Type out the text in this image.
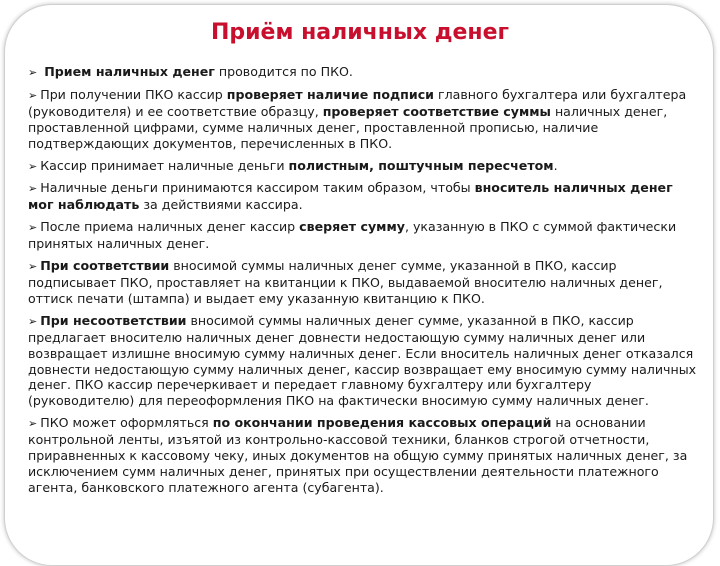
Приём наличных денег
➢ Прием наличных денег проводится по ПКО.
➢ При получении ПКО кассир проверяет наличие подписи главного бухгалтера или бухгалтера (руководителя) и ее соответствие образцу, проверяет соответствие суммы наличных денег, проставленной цифрами, сумме наличных денег, проставленной прописью, наличие подтверждающих документов, перечисленных в ПКО.
➢ Кассир принимает наличные деньги полистным, поштучным пересчетом.
➢ Наличные деньги принимаются кассиром таким образом, чтобы вноситель наличных денег мог наблюдать за действиями кассира.
➢ После приема наличных денег кассир сверяет сумму, указанную в ПКО с суммой фактически принятых наличных денег.
➢ При соответствии вносимой суммы наличных денег сумме, указанной в ПКО, кассир подписывает ПКО, проставляет на квитанции к ПКО, выдаваемой вносителю наличных денег, оттиск печати (штампа) и выдает ему указанную квитанцию к ПКО.
➢ При несоответствии вносимой суммы наличных денег сумме, указанной в ПКО, кассир предлагает вносителю наличных денег довнести недостающую сумму наличных денег или возвращает излишне вносимую сумму наличных денег. Если вноситель наличных денег отказался довнести недостающую сумму наличных денег, кассир возвращает ему вносимую сумму наличных денег. ПКО кассир перечеркивает и передает главному бухгалтеру или бухгалтеру (руководителю) для переоформления ПКО на фактически вносимую сумму наличных денег.
➢ ПКО может оформляться по окончании проведения кассовых операций на основании контрольной ленты, изъятой из контрольно-кассовой техники, бланков строгой отчетности, приравненных к кассовому чеку, иных документов на общую сумму принятых наличных денег, за исключением сумм наличных денег, принятых при осуществлении деятельности платежного агента, банковского платежного агента (субагента).
